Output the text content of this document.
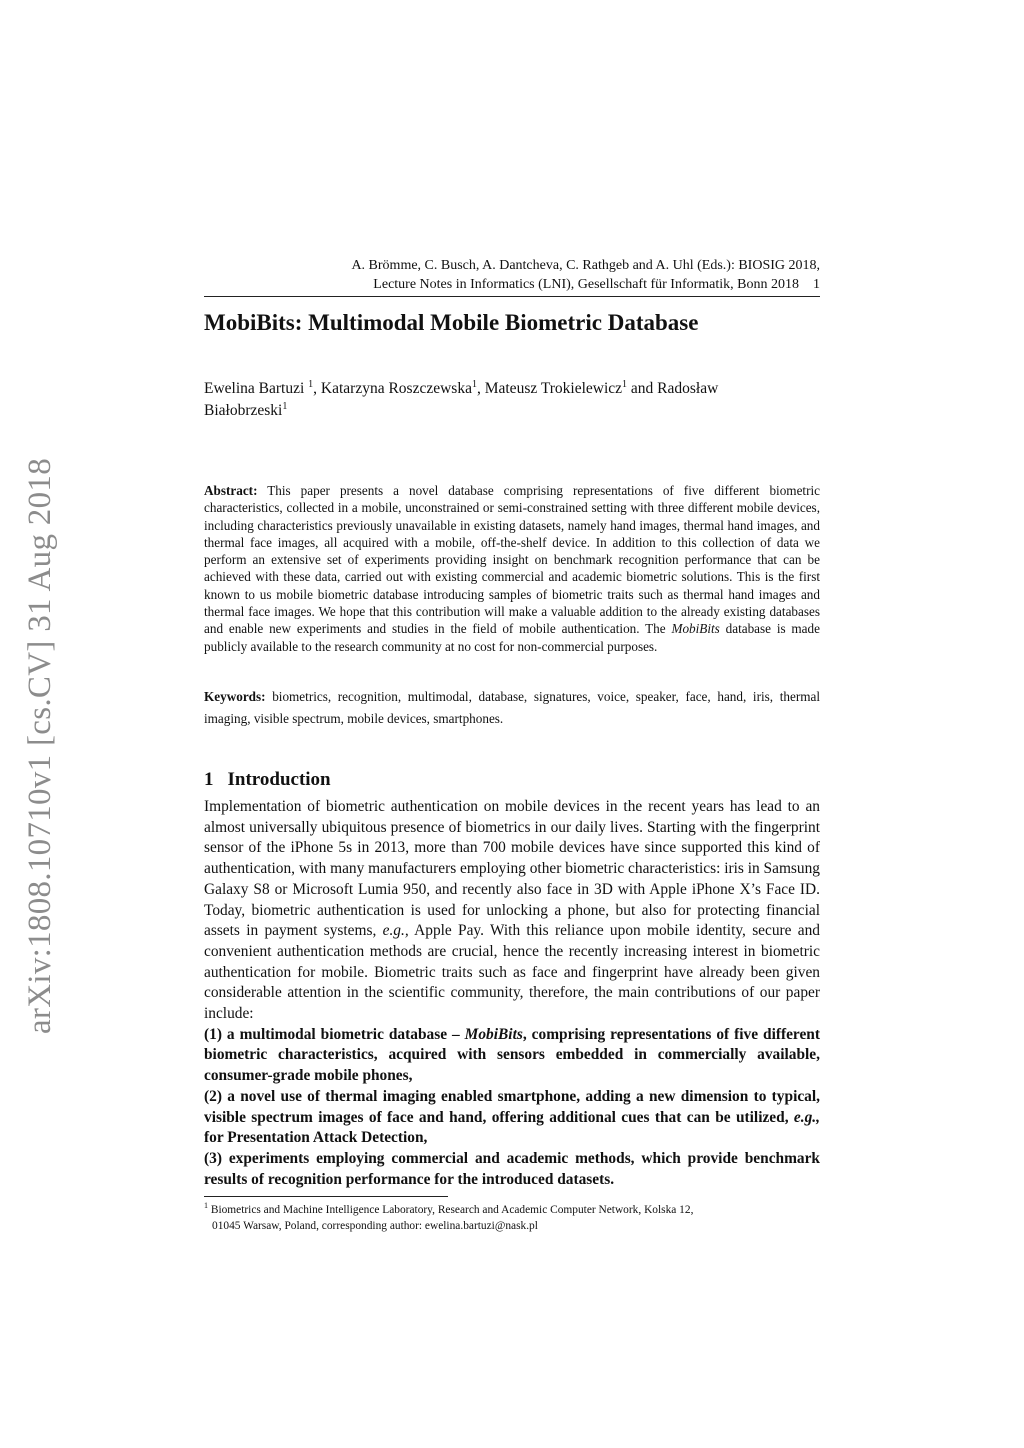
arXiv:1808.10710v1 [cs.CV] 31 Aug 2018
A. Brömme, C. Busch, A. Dantcheva, C. Rathgeb and A. Uhl (Eds.): BIOSIG 2018,
Lecture Notes in Informatics (LNI), Gesellschaft für Informatik, Bonn 2018 1
MobiBits: Multimodal Mobile Biometric Database
Ewelina Bartuzi $^1$, Katarzyna Roszczewska$^1$, Mateusz Trokielewicz$^1$ and Radosław Białobrzeski$^1$
Abstract: This paper presents a novel database comprising representations of five different biometric characteristics, collected in a mobile, unconstrained or semi-constrained setting with three different mobile devices, including characteristics previously unavailable in existing datasets, namely hand images, thermal hand images, and thermal face images, all acquired with a mobile, off-the-shelf device. In addition to this collection of data we perform an extensive set of experiments providing insight on benchmark recognition performance that can be achieved with these data, carried out with existing commercial and academic biometric solutions. This is the first known to us mobile biometric database introducing samples of biometric traits such as thermal hand images and thermal face images. We hope that this contribution will make a valuable addition to the already existing databases and enable new experiments and studies in the field of mobile authentication. The MobiBits database is made publicly available to the research community at no cost for non-commercial purposes.
Keywords: biometrics, recognition, multimodal, database, signatures, voice, speaker, face, hand, iris, thermal imaging, visible spectrum, mobile devices, smartphones.
1 Introduction

Implementation of biometric authentication on mobile devices in the recent years has lead to an almost universally ubiquitous presence of biometrics in our daily lives. Starting with the fingerprint sensor of the iPhone 5s in 2013, more than 700 mobile devices have since supported this kind of authentication, with many manufacturers employing other biometric characteristics: iris in Samsung Galaxy S8 or Microsoft Lumia 950, and recently also face in 3D with Apple iPhone X’s Face ID. Today, biometric authentication is used for unlocking a phone, but also for protecting financial assets in payment systems, e.g., Apple Pay. With this reliance upon mobile identity, secure and convenient authentication methods are crucial, hence the recently increasing interest in biometric authentication for mobile. Biometric traits such as face and fingerprint have already been given considerable attention in the scientific community, therefore, the main contributions of our paper include:

(1) a multimodal biometric database – MobiBits, comprising representations of five different biometric characteristics, acquired with sensors embedded in commercially available, consumer-grade mobile phones,
(2) a novel use of thermal imaging enabled smartphone, adding a new dimension to typical, visible spectrum images of face and hand, offering additional cues that can be utilized, e.g., for Presentation Attack Detection,
(3) experiments employing commercial and academic methods, which provide benchmark results of recognition performance for the introduced datasets.
$^1$ Biometrics and Machine Intelligence Laboratory, Research and Academic Computer Network, Kolska 12,
01045 Warsaw, Poland, corresponding author: ewelina.bartuzi@nask.pl
